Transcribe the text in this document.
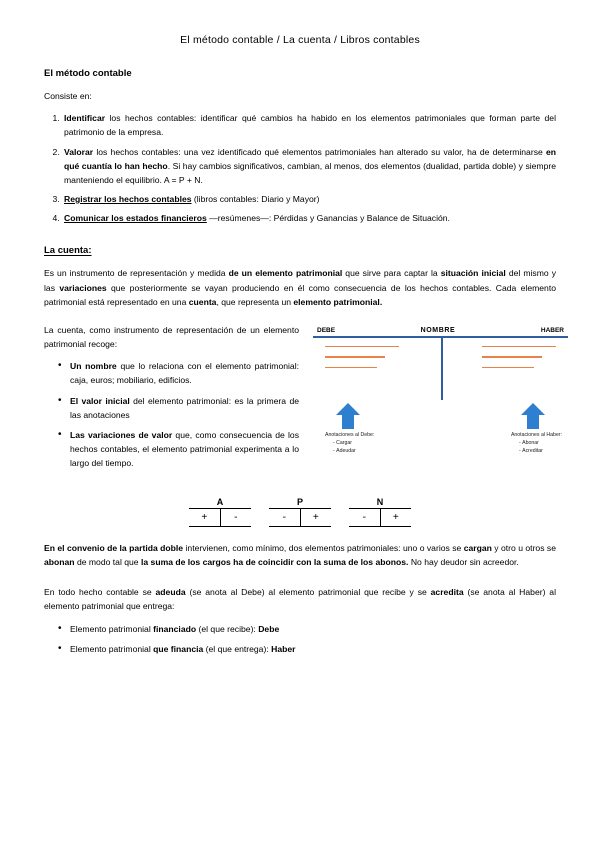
El método contable / La cuenta / Libros contables
El método contable

Consiste en:

1. Identificar los hechos contables: identificar qué cambios ha habido en los elementos patrimoniales que forman parte del patrimonio de la empresa.
2. Valorar los hechos contables: una vez identificado qué elementos patrimoniales han alterado su valor, ha de determinarse en qué cuantía lo han hecho. Si hay cambios significativos, cambian, al menos, dos elementos (dualidad, partida doble) y siempre manteniendo el equilibrio. A = P + N.
3. Registrar los hechos contables (libros contables: Diario y Mayor)
4. Comunicar los estados financieros —resúmenes—: Pérdidas y Ganancias y Balance de Situación.
La cuenta:

Es un instrumento de representación y medida de un elemento patrimonial que sirve para captar la situación inicial del mismo y las variaciones que posteriormente se vayan produciendo en él como consecuencia de los hechos contables. Cada elemento patrimonial está representado en una cuenta, que representa un elemento patrimonial.

La cuenta, como instrumento de representación de un elemento patrimonial recoge:

• Un nombre que lo relaciona con el elemento patrimonial: caja, euros; mobiliario, edificios.
• El valor inicial del elemento patrimonial: es la primera de las anotaciones
• Las variaciones de valor que, como consecuencia de los hechos contables, el elemento patrimonial experimenta a lo largo del tiempo.
DEBE	NOMBRE	HABER
Anotaciones al Debe:
- Cargar
- Adeudar
Anotaciones al Haber:
- Abonar
- Acreditar
A
+	-
P
-	+
N
-	+

En el convenio de la partida doble intervienen, como mínimo, dos elementos patrimoniales: uno o varios se cargan y otro u otros se abonan de modo tal que la suma de los cargos ha de coincidir con la suma de los abonos. No hay deudor sin acreedor.

En todo hecho contable se adeuda (se anota al Debe) al elemento patrimonial que recibe y se acredita (se anota al Haber) al elemento patrimonial que entrega:

• Elemento patrimonial financiado (el que recibe): Debe
• Elemento patrimonial que financia (el que entrega): Haber
